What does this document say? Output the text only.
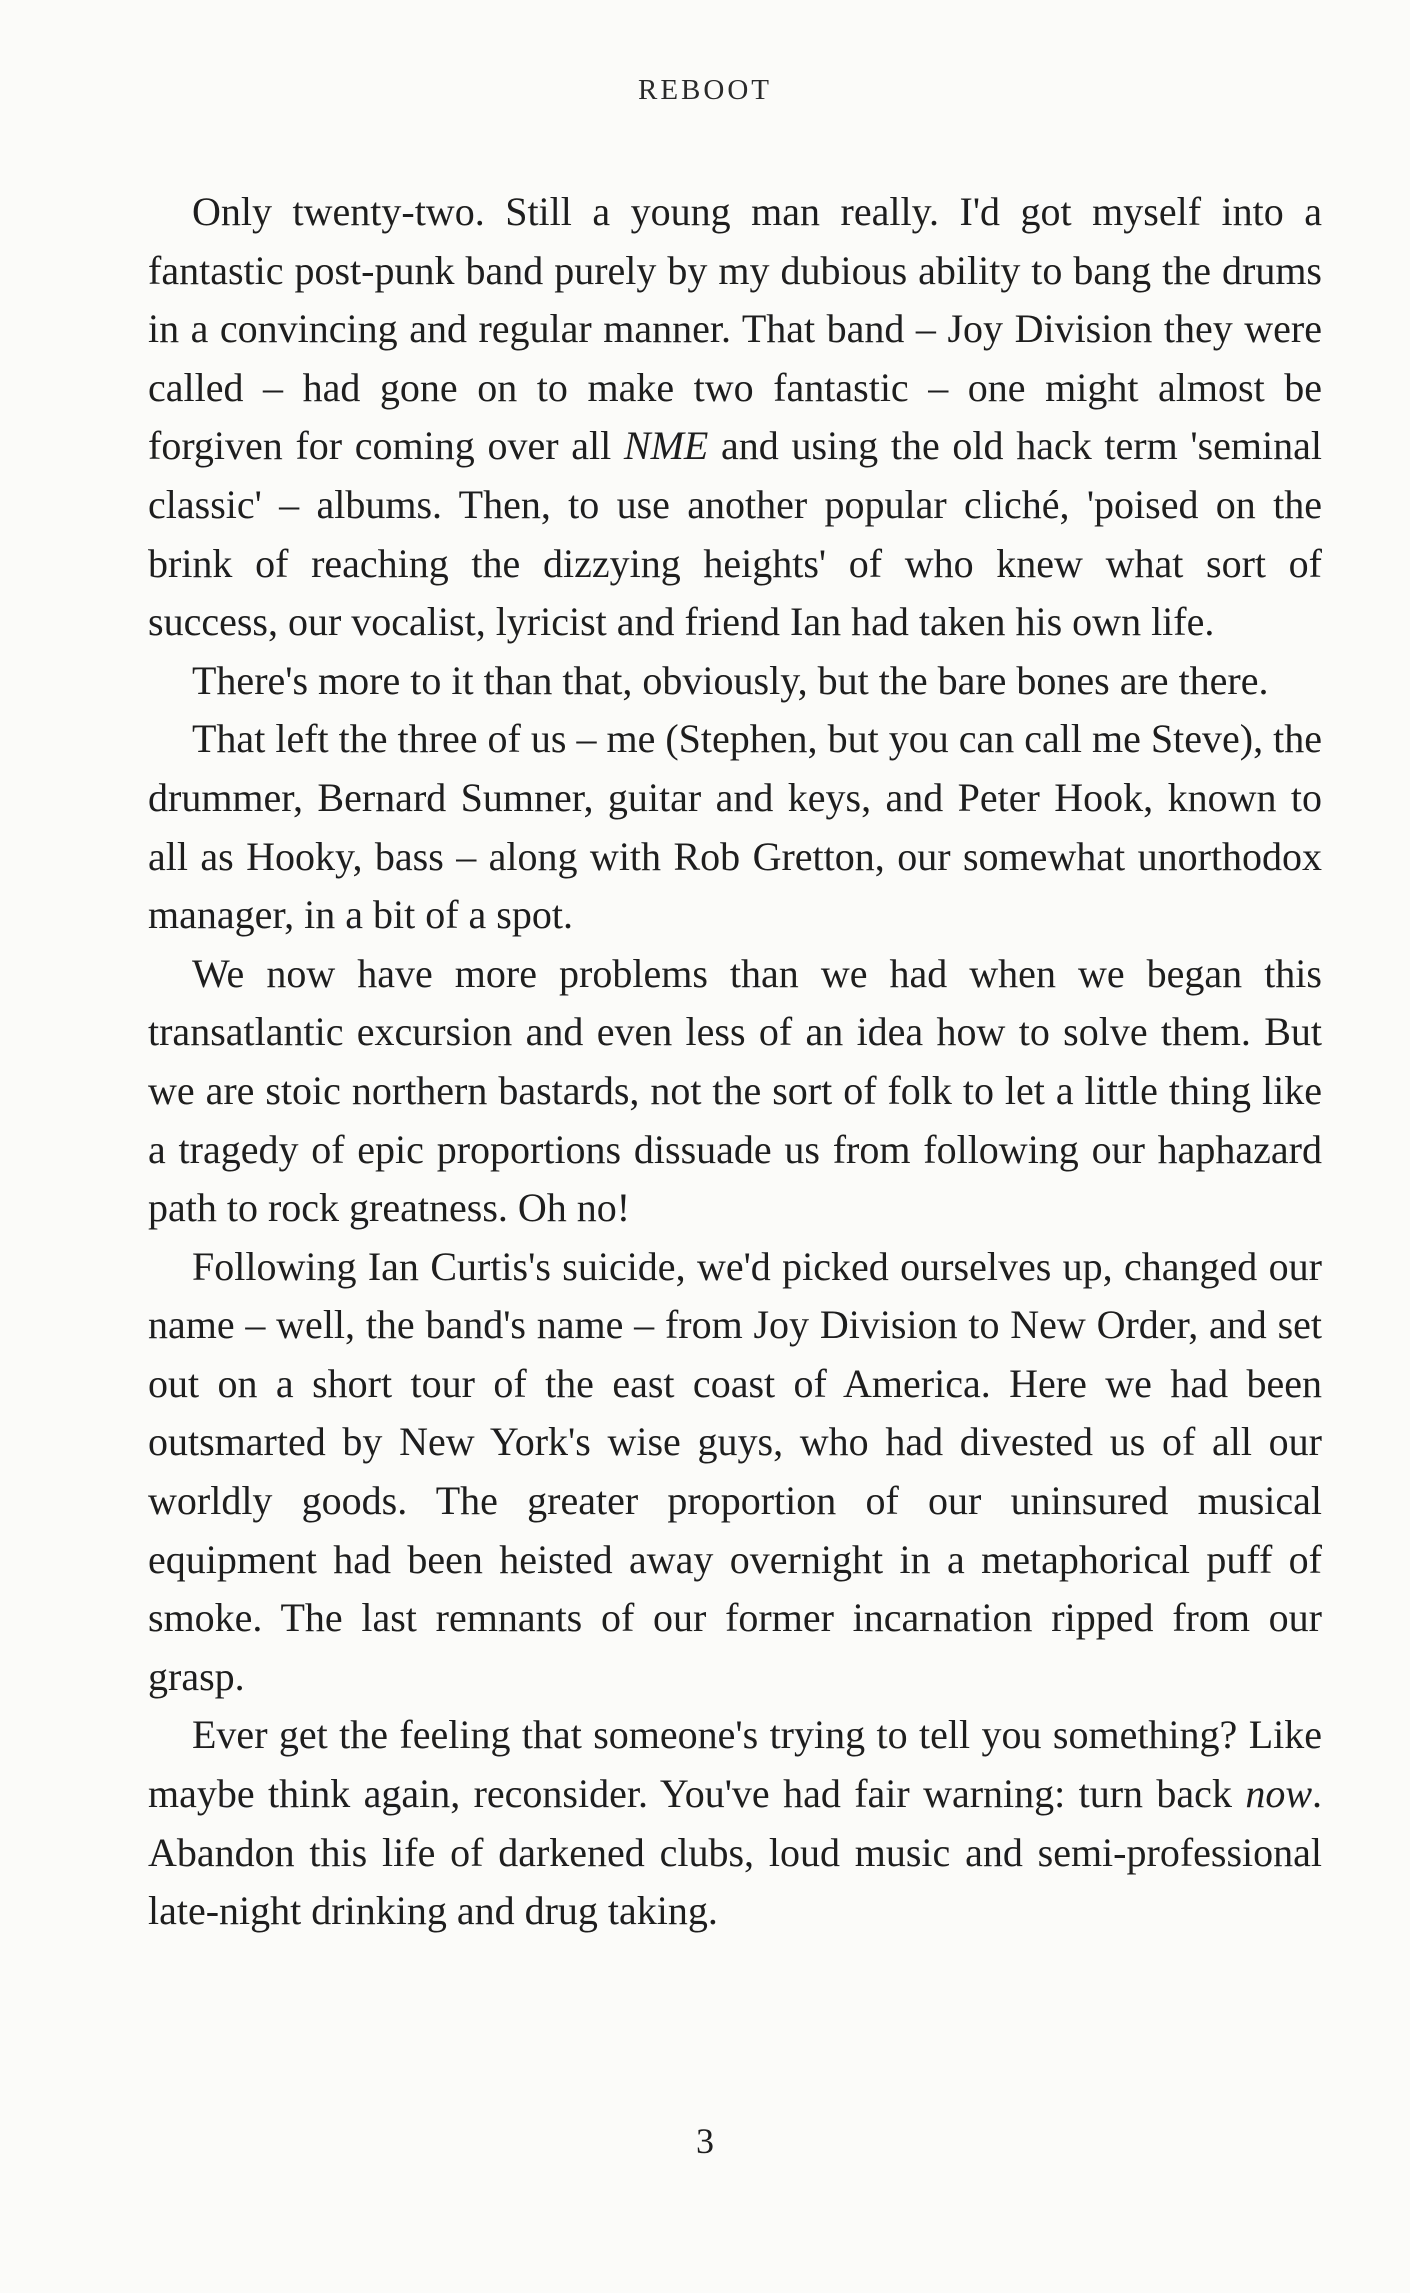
REBOOT

Only twenty-two. Still a young man really. I'd got myself into a fantastic post-punk band purely by my dubious ability to bang the drums in a convincing and regular manner. That band – Joy Division they were called – had gone on to make two fantastic – one might almost be forgiven for coming over all NME and using the old hack term 'seminal classic' – albums. Then, to use another popular cliché, 'poised on the brink of reaching the dizzying heights' of who knew what sort of success, our vocalist, lyricist and friend Ian had taken his own life.

There's more to it than that, obviously, but the bare bones are there.

That left the three of us – me (Stephen, but you can call me Steve), the drummer, Bernard Sumner, guitar and keys, and Peter Hook, known to all as Hooky, bass – along with Rob Gretton, our somewhat unorthodox manager, in a bit of a spot.

We now have more problems than we had when we began this transatlantic excursion and even less of an idea how to solve them. But we are stoic northern bastards, not the sort of folk to let a little thing like a tragedy of epic proportions dissuade us from following our haphazard path to rock greatness. Oh no!

Following Ian Curtis's suicide, we'd picked ourselves up, changed our name – well, the band's name – from Joy Division to New Order, and set out on a short tour of the east coast of America. Here we had been outsmarted by New York's wise guys, who had divested us of all our worldly goods. The greater proportion of our uninsured musical equipment had been heisted away overnight in a metaphorical puff of smoke. The last remnants of our former incarnation ripped from our grasp.

Ever get the feeling that someone's trying to tell you something? Like maybe think again, reconsider. You've had fair warning: turn back now. Abandon this life of darkened clubs, loud music and semi-professional late-night drinking and drug taking.

3
